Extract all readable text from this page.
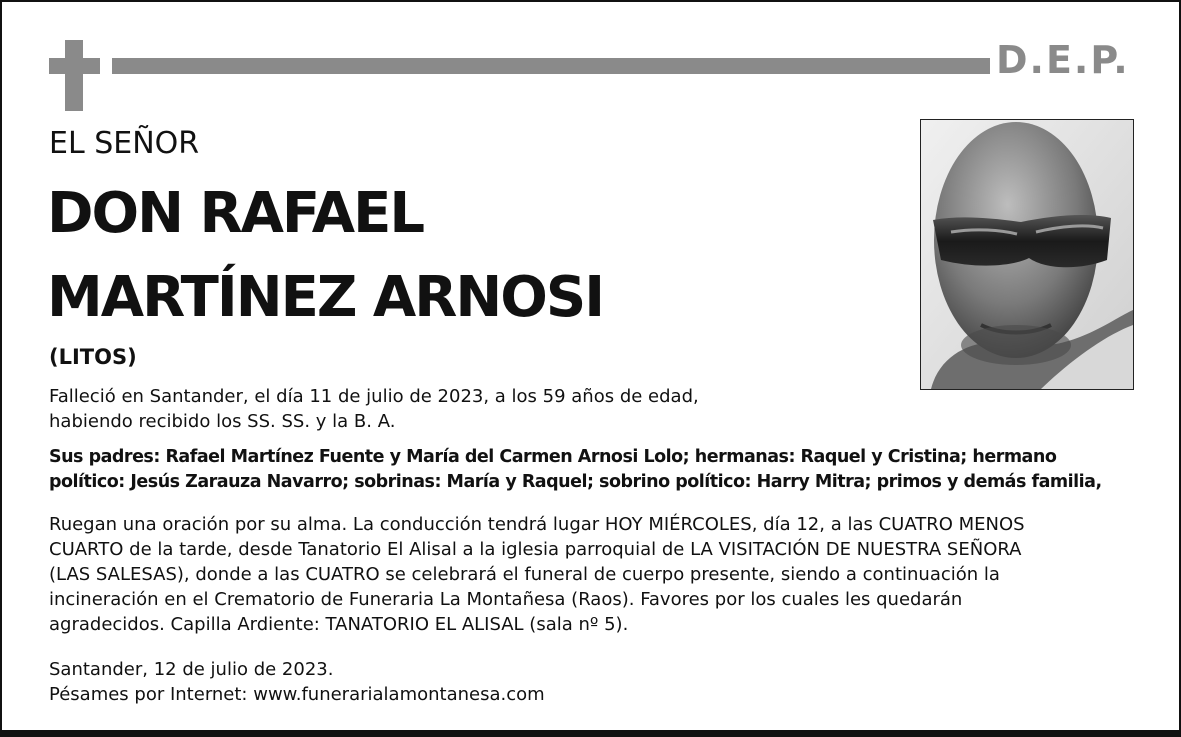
D.E.P.
EL SEÑOR
DON RAFAEL
MARTÍNEZ ARNOSI
(LITOS)

Falleció en Santander, el día 11 de julio de 2023, a los 59 años de edad,
habiendo recibido los SS. SS. y la B. A.

Sus padres: Rafael Martínez Fuente y María del Carmen Arnosi Lolo; hermanas: Raquel y Cristina; hermano
político: Jesús Zarauza Navarro; sobrinas: María y Raquel; sobrino político: Harry Mitra; primos y demás familia,

Ruegan una oración por su alma. La conducción tendrá lugar HOY MIÉRCOLES, día 12, a las CUATRO MENOS
CUARTO de la tarde, desde Tanatorio El Alisal a la iglesia parroquial de LA VISITACIÓN DE NUESTRA SEÑORA
(LAS SALESAS), donde a las CUATRO se celebrará el funeral de cuerpo presente, siendo a continuación la
incineración en el Crematorio de Funeraria La Montañesa (Raos). Favores por los cuales les quedarán
agradecidos. Capilla Ardiente: TANATORIO EL ALISAL (sala nº 5).

Santander, 12 de julio de 2023.
Pésames por Internet: www.funerarialamontanesa.com
